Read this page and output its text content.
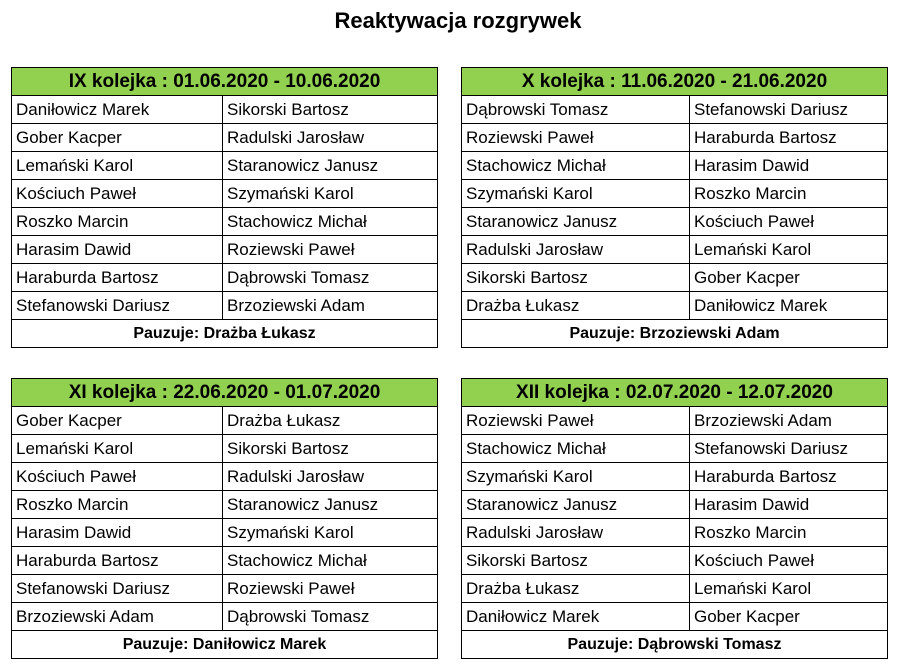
Reaktywacja rozgrywek
IX kolejka : 01.06.2020 - 10.06.2020	
Daniłowicz Marek	Sikorski Bartosz
Gober Kacper	Radulski Jarosław
Lemański Karol	Staranowicz Janusz
Kościuch Paweł	Szymański Karol
Roszko Marcin	Stachowicz Michał
Harasim Dawid	Roziewski Paweł
Haraburda Bartosz	Dąbrowski Tomasz
Stefanowski Dariusz	Brzoziewski Adam
Pauzuje: Drażba Łukasz	
X kolejka : 11.06.2020 - 21.06.2020	
Dąbrowski Tomasz	Stefanowski Dariusz
Roziewski Paweł	Haraburda Bartosz
Stachowicz Michał	Harasim Dawid
Szymański Karol	Roszko Marcin
Staranowicz Janusz	Kościuch Paweł
Radulski Jarosław	Lemański Karol
Sikorski Bartosz	Gober Kacper
Drażba Łukasz	Daniłowicz Marek
Pauzuje: Brzoziewski Adam	
XI kolejka : 22.06.2020 - 01.07.2020	
Gober Kacper	Drażba Łukasz
Lemański Karol	Sikorski Bartosz
Kościuch Paweł	Radulski Jarosław
Roszko Marcin	Staranowicz Janusz
Harasim Dawid	Szymański Karol
Haraburda Bartosz	Stachowicz Michał
Stefanowski Dariusz	Roziewski Paweł
Brzoziewski Adam	Dąbrowski Tomasz
Pauzuje: Daniłowicz Marek	
XII kolejka : 02.07.2020 - 12.07.2020	
Roziewski Paweł	Brzoziewski Adam
Stachowicz Michał	Stefanowski Dariusz
Szymański Karol	Haraburda Bartosz
Staranowicz Janusz	Harasim Dawid
Radulski Jarosław	Roszko Marcin
Sikorski Bartosz	Kościuch Paweł
Drażba Łukasz	Lemański Karol
Daniłowicz Marek	Gober Kacper
Pauzuje: Dąbrowski Tomasz	
